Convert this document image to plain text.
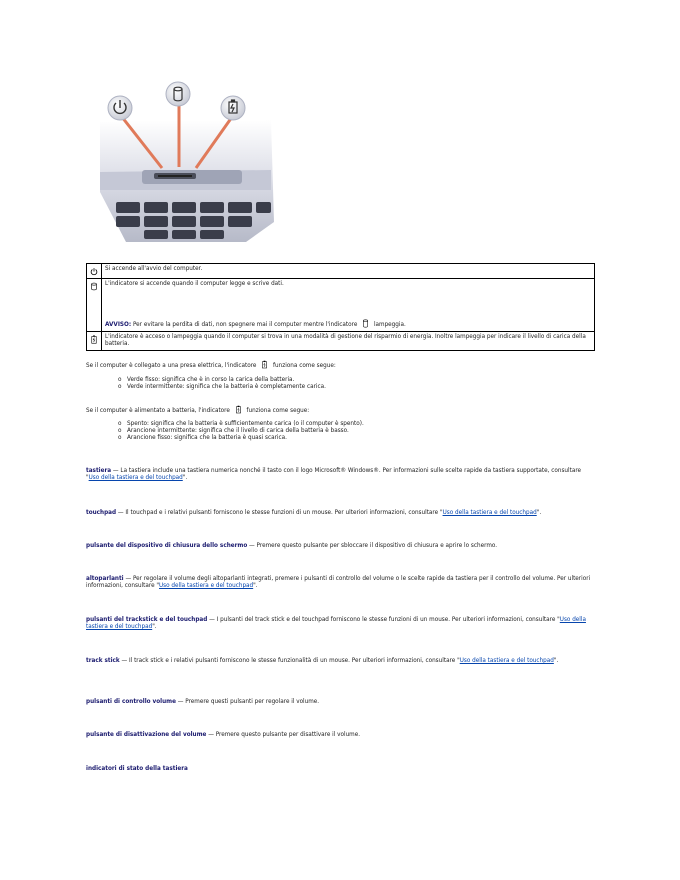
	Si accende all'avvio del computer.

	L'indicatore si accende quando il computer legge e scrive dati.
AVVISO: Per evitare la perdita di dati, non spegnere mai il computer mentre l'indicatore lampeggia.

	L'indicatore è acceso o lampeggia quando il computer si trova in una modalità di gestione del risparmio di energia. Inoltre lampeggia per indicare il livello di carica della batteria.
Se il computer è collegato a una presa elettrica, l'indicatore	funziona come segue:
o Verde fisso: significa che è in corso la carica della batteria.
o Verde intermittente: significa che la batteria è completamente carica.
Se il computer è alimentato a batteria, l'indicatore	funziona come segue:
o Spento: significa che la batteria è sufficientemente carica (o il computer è spento).
o Arancione intermittente: significa che il livello di carica della batteria è basso.
o Arancione fisso: significa che la batteria è quasi scarica.
tastiera — La tastiera include una tastiera numerica nonché il tasto con il logo Microsoft® Windows®. Per informazioni sulle scelte rapide da tastiera supportate, consultare "Uso della tastiera e del touchpad".
touchpad — Il touchpad e i relativi pulsanti forniscono le stesse funzioni di un mouse. Per ulteriori informazioni, consultare "Uso della tastiera e del touchpad".
pulsante del dispositivo di chiusura dello schermo — Premere questo pulsante per sbloccare il dispositivo di chiusura e aprire lo schermo.
altoparlanti — Per regolare il volume degli altoparlanti integrati, premere i pulsanti di controllo del volume o le scelte rapide da tastiera per il controllo del volume. Per ulteriori informazioni, consultare "Uso della tastiera e del touchpad".
pulsanti del trackstick e del touchpad — I pulsanti del track stick e del touchpad forniscono le stesse funzioni di un mouse. Per ulteriori informazioni, consultare "Uso della tastiera e del touchpad".
track stick — Il track stick e i relativi pulsanti forniscono le stesse funzionalità di un mouse. Per ulteriori informazioni, consultare "Uso della tastiera e del touchpad".
pulsanti di controllo volume — Premere questi pulsanti per regolare il volume.
pulsante di disattivazione del volume — Premere questo pulsante per disattivare il volume.
indicatori di stato della tastiera
